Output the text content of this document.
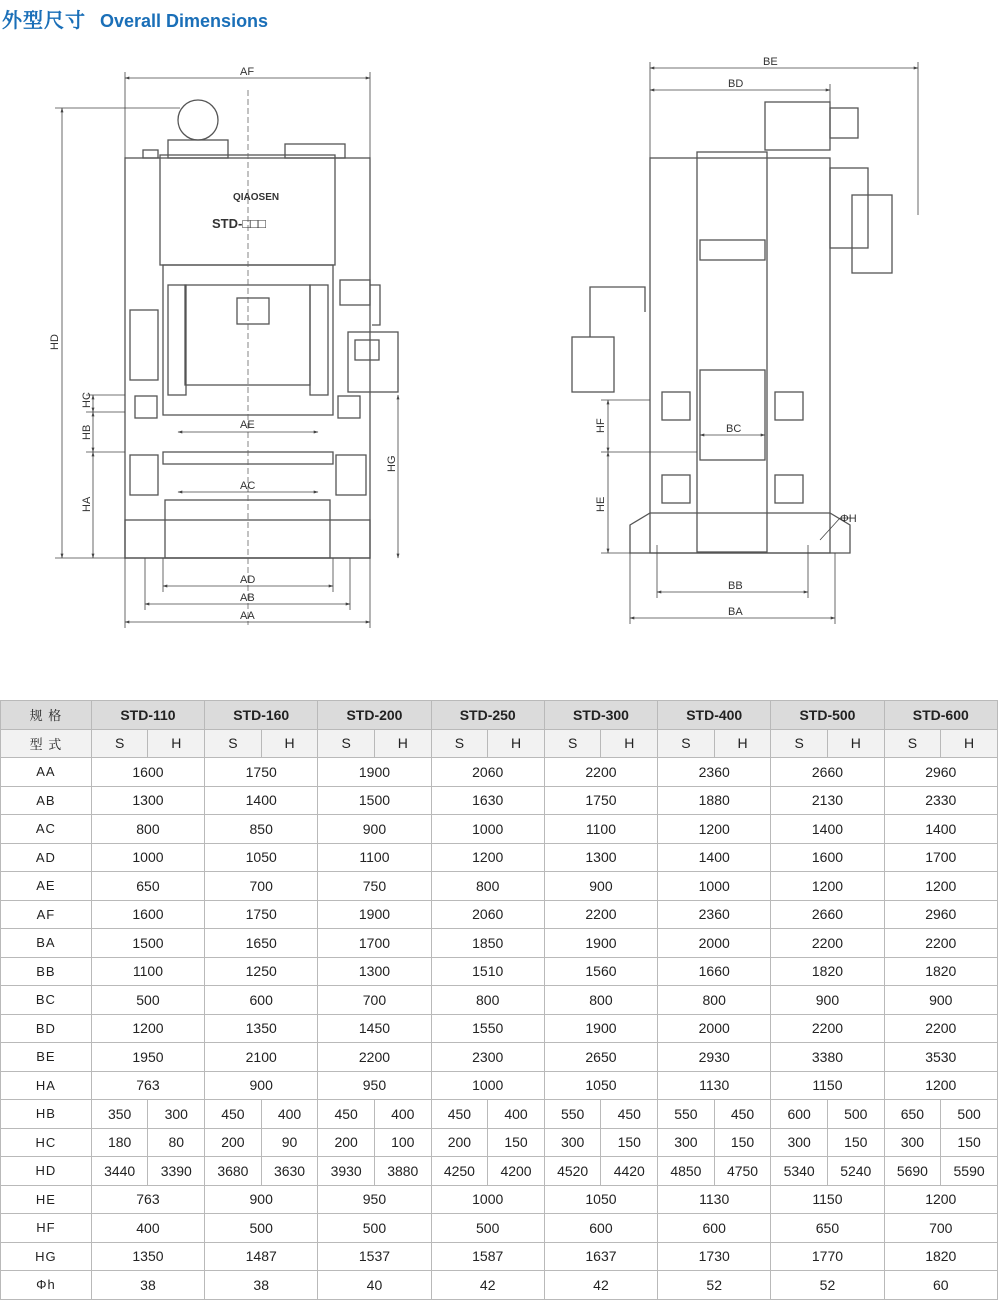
外型尺寸 Overall Dimensions
AF
HD
HC
HB
HA
HG
AE
AC
AD
AB
AA
QIAOSEN
STD-□□□
BE
BD
BC
HF
HE
ΦH
BB
BA
规 格	STD-110		STD-160		STD-200		STD-250		STD-300		STD-400		STD-500		STD-600	
型 式	S	H	S	H	S	H	S	H	S	H	S	H	S	H	S	H
AA	1600		1750		1900		2060		2200		2360		2660		2960	
AB	1300		1400		1500		1630		1750		1880		2130		2330	
AC	800		850		900		1000		1100		1200		1400		1400	
AD	1000		1050		1100		1200		1300		1400		1600		1700	
AE	650		700		750		800		900		1000		1200		1200	
AF	1600		1750		1900		2060		2200		2360		2660		2960	
BA	1500		1650		1700		1850		1900		2000		2200		2200	
BB	1100		1250		1300		1510		1560		1660		1820		1820	
BC	500		600		700		800		800		800		900		900	
BD	1200		1350		1450		1550		1900		2000		2200		2200	
BE	1950		2100		2200		2300		2650		2930		3380		3530	
HA	763		900		950		1000		1050		1130		1150		1200	
HB	350	300	450	400	450	400	450	400	550	450	550	450	600	500	650	500
HC	180	80	200	90	200	100	200	150	300	150	300	150	300	150	300	150
HD	3440	3390	3680	3630	3930	3880	4250	4200	4520	4420	4850	4750	5340	5240	5690	5590
HE	763		900		950		1000		1050		1130		1150		1200	
HF	400		500		500		500		600		600		650		700	
HG	1350		1487		1537		1587		1637		1730		1770		1820	
Φh	38		38		40		42		42		52		52		60	
